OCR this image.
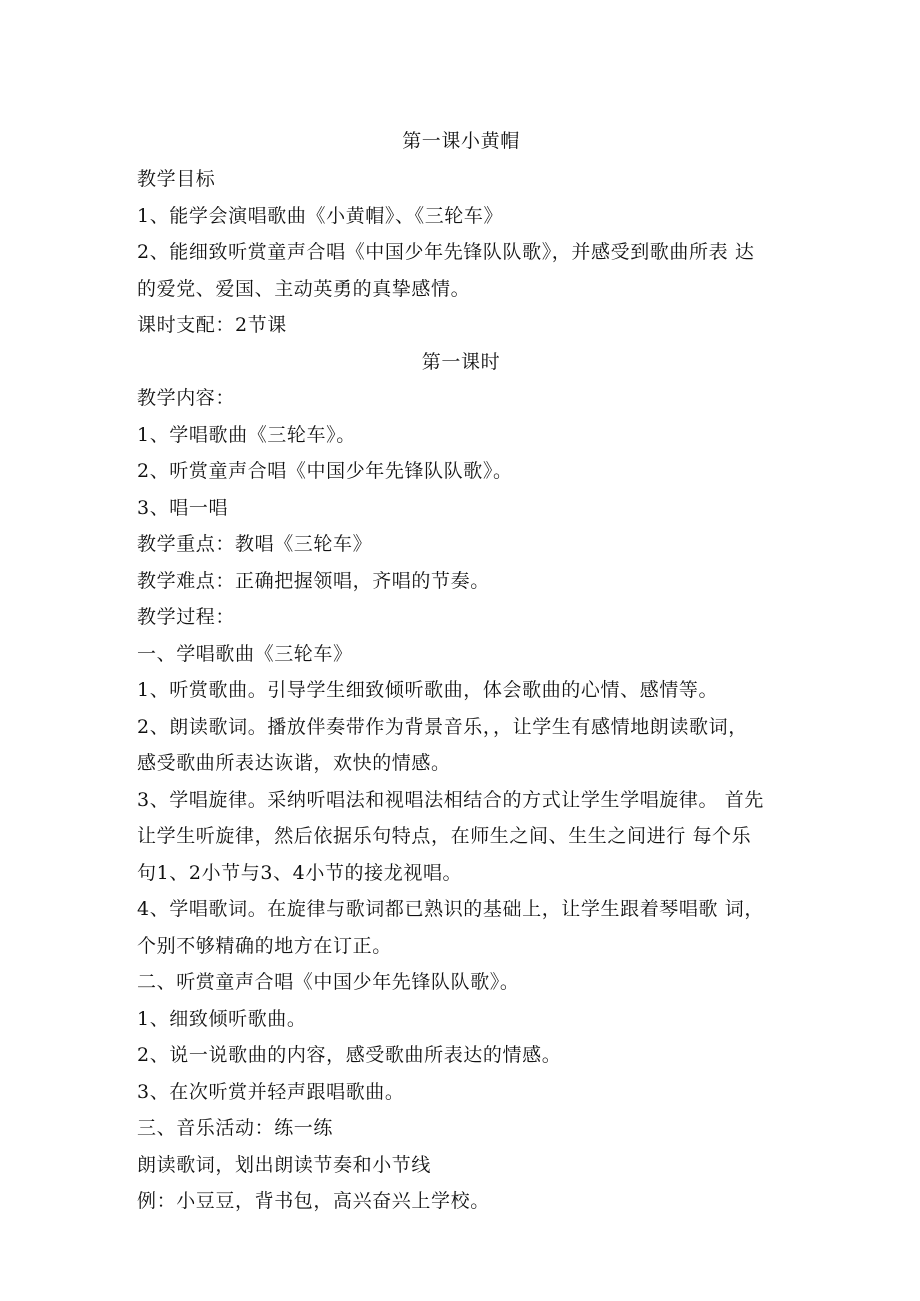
第一课小黄帽
教学目标
1、能学会演唱歌曲《小黄帽》、《三轮车》
2、能细致听赏童声合唱《中国少年先锋队队歌》，并感受到歌曲所表 达
的爱党、爱国、主动英勇的真挚感情。
课时支配：2节课
第一课时
教学内容：
1、学唱歌曲《三轮车》。
2、听赏童声合唱《中国少年先锋队队歌》。
3、唱一唱
教学重点：教唱《三轮车》
教学难点：正确把握领唱，齐唱的节奏。
教学过程：
一、学唱歌曲《三轮车》
1、听赏歌曲。引导学生细致倾听歌曲，体会歌曲的心情、感情等。
2、朗读歌词。播放伴奏带作为背景音乐，，让学生有感情地朗读歌词，
感受歌曲所表达诙谐，欢快的情感。
3、学唱旋律。采纳听唱法和视唱法相结合的方式让学生学唱旋律。 首先
让学生听旋律，然后依据乐句特点，在师生之间、生生之间进行 每个乐
句1、2小节与3、4小节的接龙视唱。
4、学唱歌词。在旋律与歌词都已熟识的基础上，让学生跟着琴唱歌 词，
个别不够精确的地方在订正。
二、听赏童声合唱《中国少年先锋队队歌》。
1、细致倾听歌曲。
2、说一说歌曲的内容，感受歌曲所表达的情感。
3、在次听赏并轻声跟唱歌曲。
三、音乐活动：练一练
朗读歌词，划出朗读节奏和小节线
例：小豆豆，背书包，高兴奋兴上学校。
